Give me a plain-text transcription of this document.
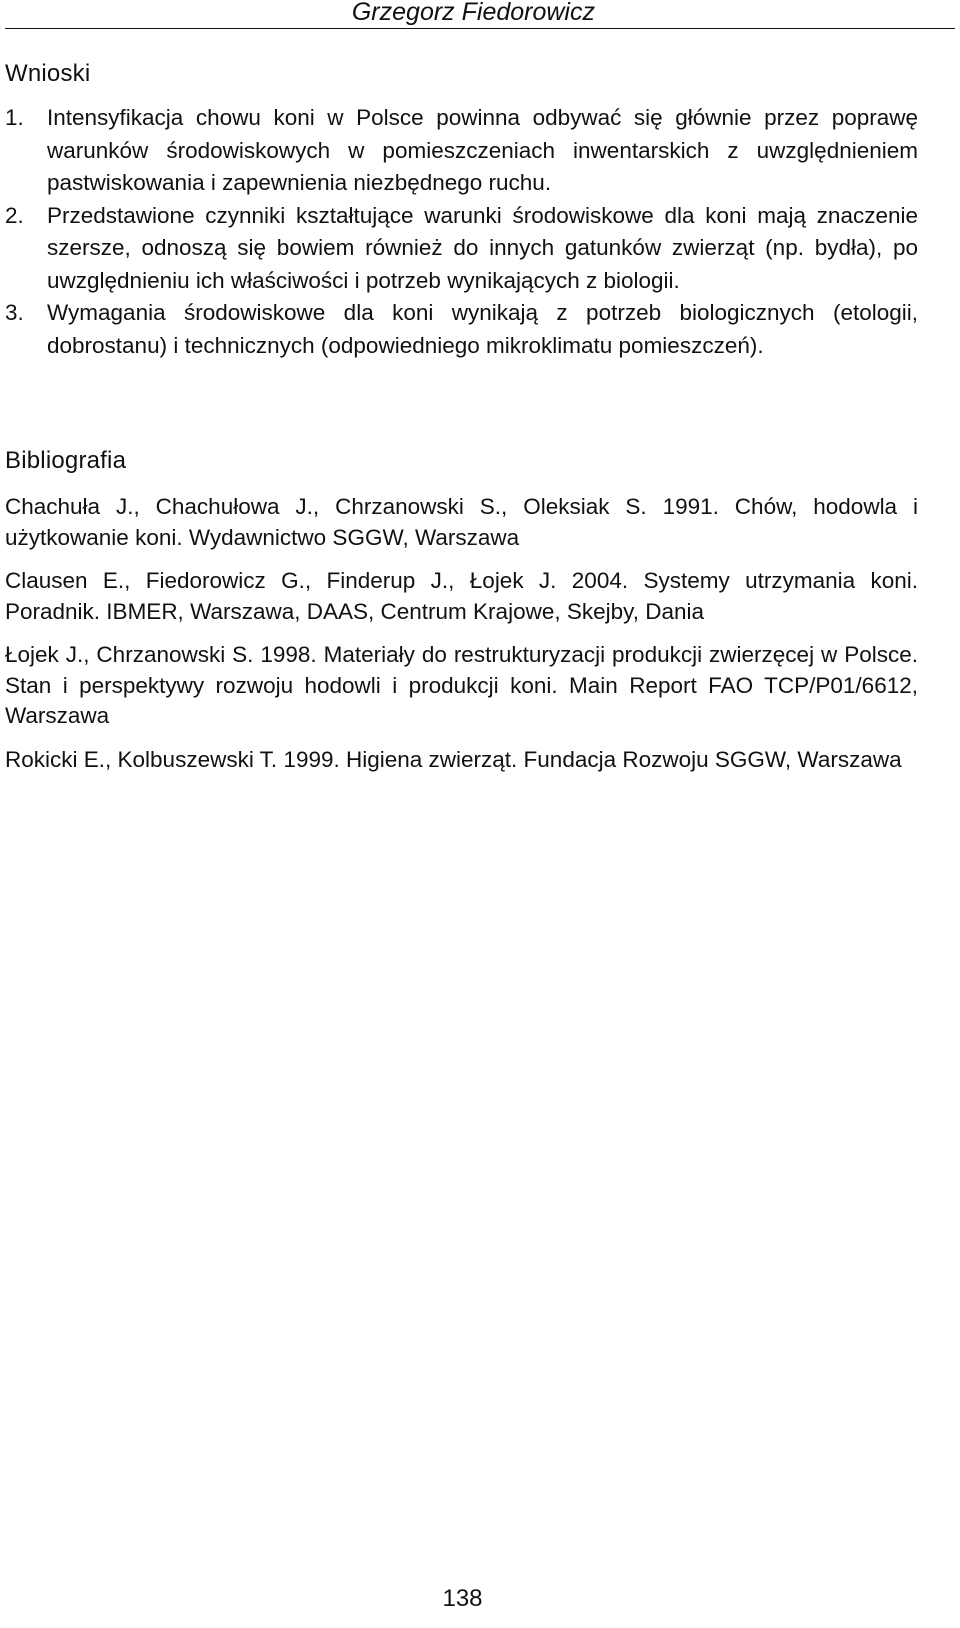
Grzegorz Fiedorowicz
Wnioski
1. Intensyfikacja chowu koni w Polsce powinna odbywać się głównie przez poprawę warunków środowiskowych w pomieszczeniach inwentarskich z uwzględnieniem pastwiskowania i zapewnienia niezbędnego ruchu.
2. Przedstawione czynniki kształtujące warunki środowiskowe dla koni mają znaczenie szersze, odnoszą się bowiem również do innych gatunków zwierząt (np. bydła), po uwzględnieniu ich właściwości i potrzeb wynikających z biologii.
3. Wymagania środowiskowe dla koni wynikają z potrzeb biologicznych (etologii, dobrostanu) i technicznych (odpowiedniego mikroklimatu pomieszczeń).
Bibliografia
Chachuła J., Chachułowa J., Chrzanowski S., Oleksiak S. 1991. Chów, hodowla i użytkowanie koni. Wydawnictwo SGGW, Warszawa
Clausen E., Fiedorowicz G., Finderup J., Łojek J. 2004. Systemy utrzymania koni. Poradnik. IBMER, Warszawa, DAAS, Centrum Krajowe, Skejby, Dania
Łojek J., Chrzanowski S. 1998. Materiały do restrukturyzacji produkcji zwierzęcej w Polsce. Stan i perspektywy rozwoju hodowli i produkcji koni. Main Report FAO TCP/P01/6612, Warszawa
Rokicki E., Kolbuszewski T. 1999. Higiena zwierząt. Fundacja Rozwoju SGGW, Warszawa
138
